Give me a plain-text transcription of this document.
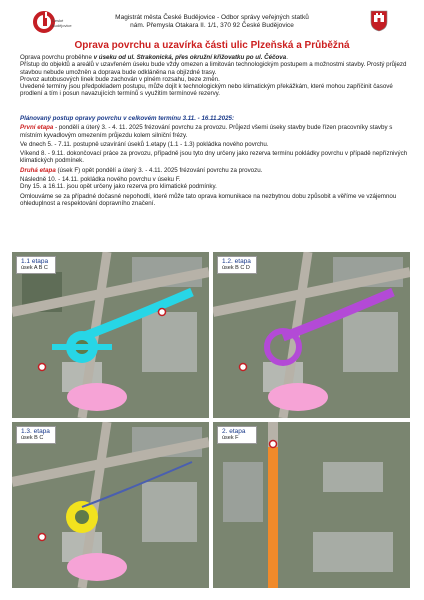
České
Budějovice
Magistrát města České Budějovice - Odbor správy veřejných statků
nám. Přemysla Otakara II. 1/1, 370 92 České Budějovice
Oprava povrchu a uzavírka části ulic Plzeňská a Průběžná
Oprava povrchu proběhne v úseku od ul. Strakonická, přes okružní křižovatku po ul. Čéčova.
Přístup do objektů a areálů v uzavřeném úseku bude vždy omezen a limitován technologickým postupem a možnostmi stavby. Prostý průjezd stavbou nebude umožněn a doprava bude odkláněna na objízdné trasy.
Provoz autobusových linek bude zachován v plném rozsahu, beze změn.
Uvedené termíny jsou předpokladem postupu, může dojít k technologickým nebo klimatickým překážkám, které mohou zapříčinit časové prodlení a tím i posun navazujících termínů s využitím termínové rezervy.

Plánovaný postup opravy povrchu v celkovém termínu 3.11. - 16.11.2025:

První etapa - pondělí a úterý 3. - 4. 11. 2025 frézování povrchu za provozu. Průjezd všemi úseky stavby bude řízen pracovníky stavby s místním kyvadlovým omezením průjezdu kolem silniční frézy.

Ve dnech 5. - 7.11. postupně uzavírání úseků 1.etapy (1.1 - 1.3) pokládka nového povrchu.

Víkend 8. - 9.11. dokončovací práce za provozu, případně jsou tyto dny určeny jako rezerva termínu pokládky povrchu v případě nepříznivých klimatických podmínek.

Druhá etapa (úsek F) opět pondělí a úterý 3. - 4.11. 2025 frézování povrchu za provozu.

Následně 10. - 14.11. pokládka nového povrchu v úseku F.

Dny 15. a 16.11. jsou opět určeny jako rezerva pro klimatické podmínky.

Omlouváme se za případné dočasné nepohodlí, které může tato oprava komunikace na nezbytnou dobu způsobit a věříme ve vzájemnou ohleduplnost a respektování dopravního značení.

1.1 etapa
úsek A B C
1.2. etapa
úsek B C D
1.3. etapa
úsek B C
2. etapa
úsek F
